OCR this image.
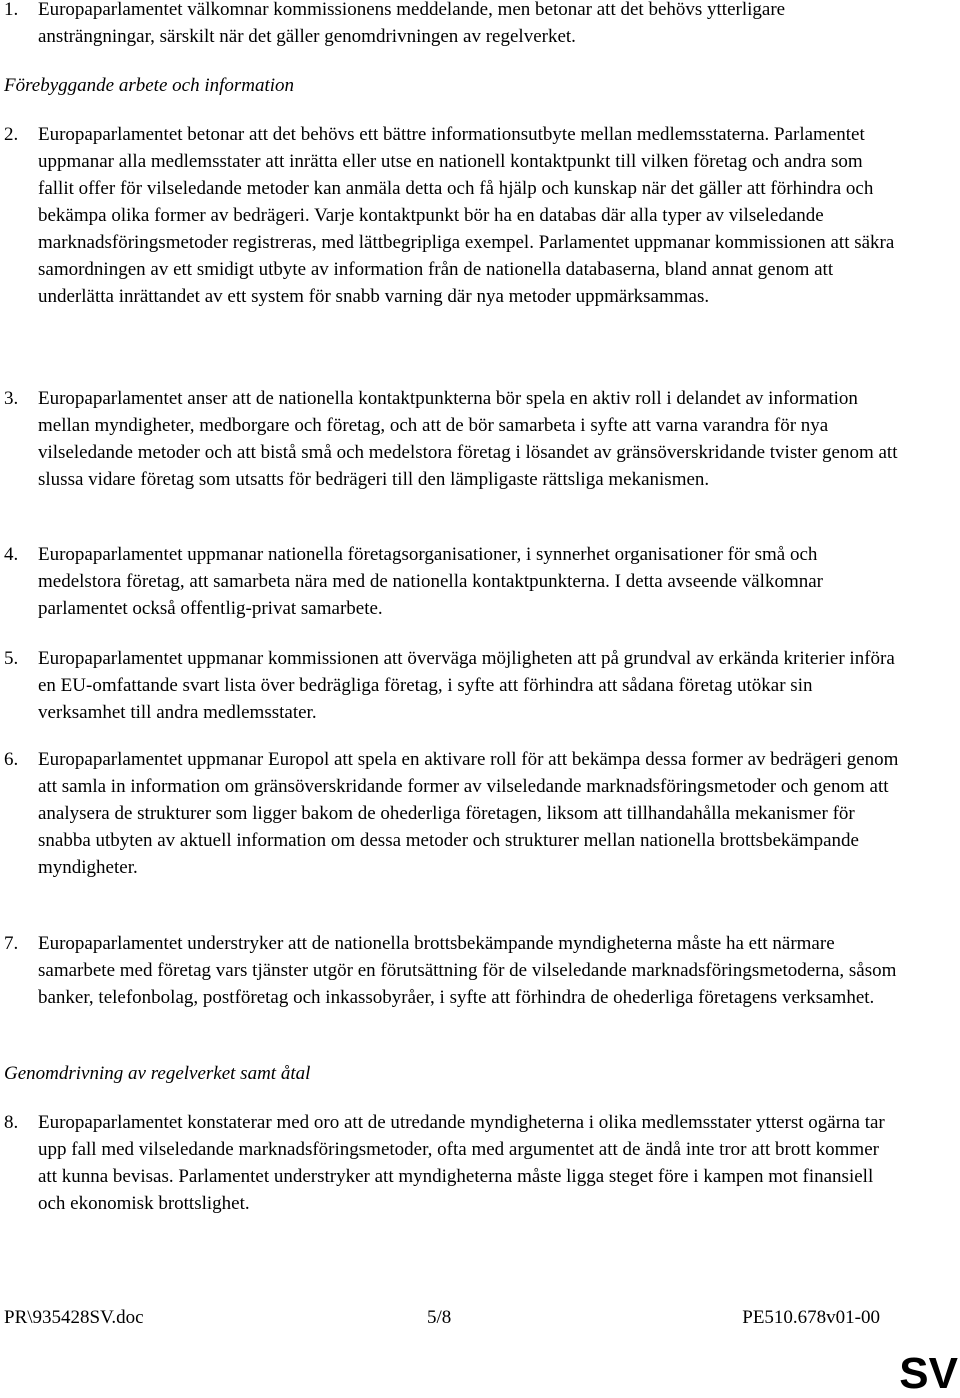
1. Europaparlamentet välkomnar kommissionens meddelande, men betonar att det behövs ytterligare ansträngningar, särskilt när det gäller genomdrivningen av regelverket.
Förebyggande arbete och information
2. Europaparlamentet betonar att det behövs ett bättre informationsutbyte mellan medlemsstaterna. Parlamentet uppmanar alla medlemsstater att inrätta eller utse en nationell kontaktpunkt till vilken företag och andra som fallit offer för vilseledande metoder kan anmäla detta och få hjälp och kunskap när det gäller att förhindra och bekämpa olika former av bedrägeri. Varje kontaktpunkt bör ha en databas där alla typer av vilseledande marknadsföringsmetoder registreras, med lättbegripliga exempel. Parlamentet uppmanar kommissionen att säkra samordningen av ett smidigt utbyte av information från de nationella databaserna, bland annat genom att underlätta inrättandet av ett system för snabb varning där nya metoder uppmärksammas.
3. Europaparlamentet anser att de nationella kontaktpunkterna bör spela en aktiv roll i delandet av information mellan myndigheter, medborgare och företag, och att de bör samarbeta i syfte att varna varandra för nya vilseledande metoder och att bistå små och medelstora företag i lösandet av gränsöverskridande tvister genom att slussa vidare företag som utsatts för bedrägeri till den lämpligaste rättsliga mekanismen.
4. Europaparlamentet uppmanar nationella företagsorganisationer, i synnerhet organisationer för små och medelstora företag, att samarbeta nära med de nationella kontaktpunkterna. I detta avseende välkomnar parlamentet också offentlig-privat samarbete.
5. Europaparlamentet uppmanar kommissionen att överväga möjligheten att på grundval av erkända kriterier införa en EU-omfattande svart lista över bedrägliga företag, i syfte att förhindra att sådana företag utökar sin verksamhet till andra medlemsstater.
6. Europaparlamentet uppmanar Europol att spela en aktivare roll för att bekämpa dessa former av bedrägeri genom att samla in information om gränsöverskridande former av vilseledande marknadsföringsmetoder och genom att analysera de strukturer som ligger bakom de ohederliga företagen, liksom att tillhandahålla mekanismer för snabba utbyten av aktuell information om dessa metoder och strukturer mellan nationella brottsbekämpande myndigheter.
7. Europaparlamentet understryker att de nationella brottsbekämpande myndigheterna måste ha ett närmare samarbete med företag vars tjänster utgör en förutsättning för de vilseledande marknadsföringsmetoderna, såsom banker, telefonbolag, postföretag och inkassobyråer, i syfte att förhindra de ohederliga företagens verksamhet.
Genomdrivning av regelverket samt åtal
8. Europaparlamentet konstaterar med oro att de utredande myndigheterna i olika medlemsstater ytterst ogärna tar upp fall med vilseledande marknadsföringsmetoder, ofta med argumentet att de ändå inte tror att brott kommer att kunna bevisas. Parlamentet understryker att myndigheterna måste ligga steget före i kampen mot finansiell och ekonomisk brottslighet.
PR\935428SV.doc	5/8	PE510.678v01-00
SV
